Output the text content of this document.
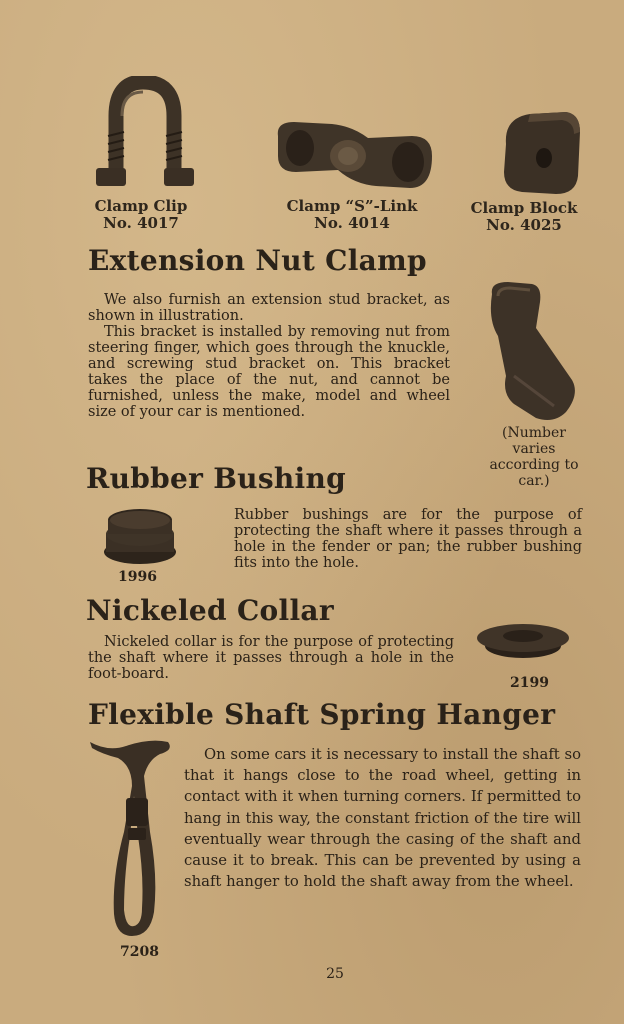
Clamp Clip
No. 4017
Clamp “S”-Link
No. 4014
Clamp Block
No. 4025
Extension Nut Clamp

We also furnish an extension stud bracket, as shown in illustration.

This bracket is installed by removing nut from steering finger, which goes through the knuckle, and screwing stud bracket on. This bracket takes the place of the nut, and cannot be furnished, unless the make, model and wheel size of your car is mentioned.

(Number varies according to car.)
Rubber Bushing
1996
Rubber bushings are for the purpose of protecting the shaft where it passes through a hole in the fender or pan; the rubber bushing fits into the hole.
Nickeled Collar

Nickeled collar is for the purpose of protecting the shaft where it passes through a hole in the foot-board.

2199
Flexible Shaft Spring Hanger
7208

On some cars it is necessary to install the shaft so that it hangs close to the road wheel, getting in contact with it when turning corners. If permitted to hang in this way, the constant friction of the tire will eventually wear through the casing of the shaft and cause it to break. This can be prevented by using a shaft hanger to hold the shaft away from the wheel.

25
